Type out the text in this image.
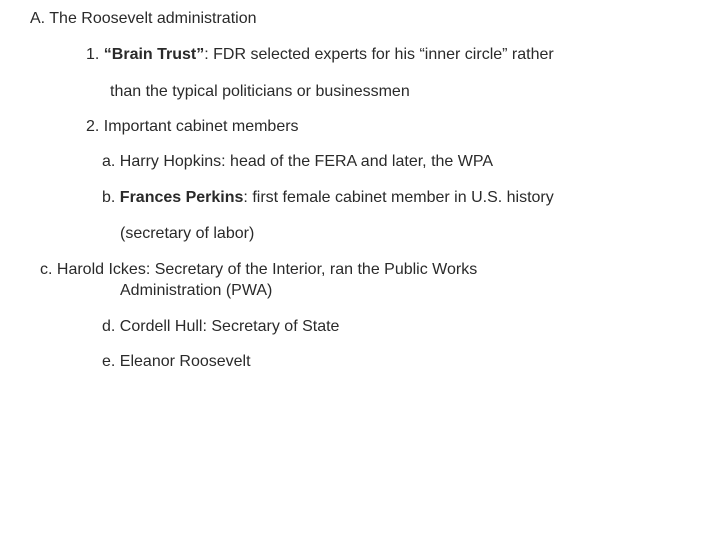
A. The Roosevelt administration
1. “Brain Trust”: FDR selected experts for his “inner circle” rather
than the typical politicians or businessmen
2. Important cabinet members
a. Harry Hopkins: head of the FERA and later, the WPA
b. Frances Perkins: first female cabinet member in U.S. history
(secretary of labor)
c. Harold Ickes: Secretary of the Interior, ran the Public Works
Administration (PWA)
d. Cordell Hull: Secretary of State
e. Eleanor Roosevelt
